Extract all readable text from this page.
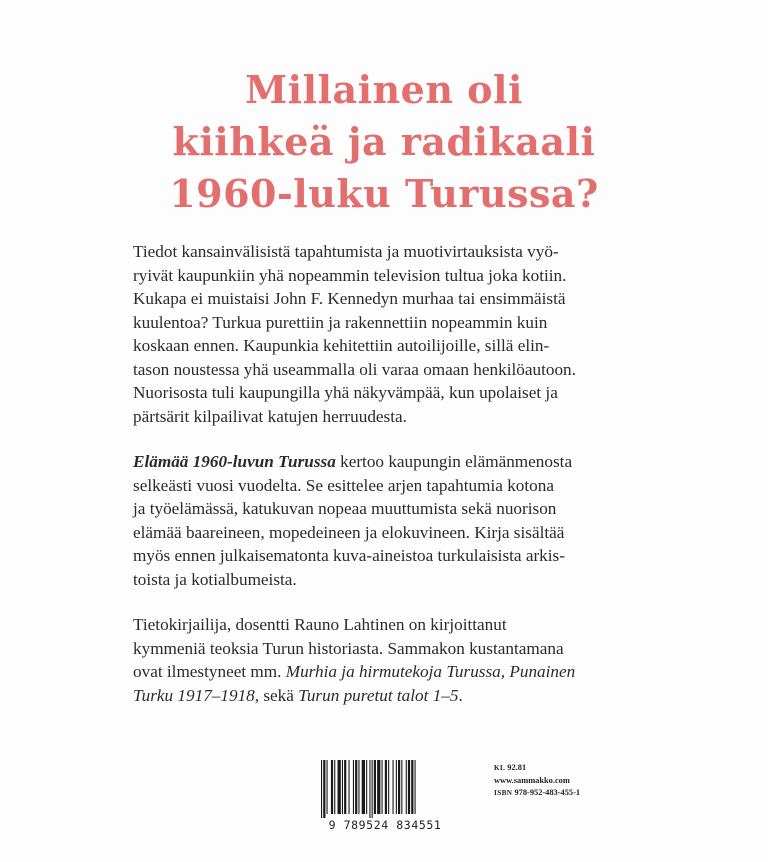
Millainen oli
kiihkeä ja radikaali
1960-luku Turussa?
Tiedot kansainvälisistä tapahtumista ja muotivirtauksista vyö-
ryivät kaupunkiin yhä nopeammin television tultua joka kotiin.
Kukapa ei muistaisi John F. Kennedyn murhaa tai ensimmäistä
kuulentoa? Turkua purettiin ja rakennettiin nopeammin kuin
koskaan ennen. Kaupunkia kehitettiin autoilijoille, sillä elin-
tason noustessa yhä useammalla oli varaa omaan henkilöautoon.
Nuorisosta tuli kaupungilla yhä näkyvämpää, kun upolaiset ja
pärtsärit kilpailivat katujen herruudesta.
Elämää 1960-luvun Turussa kertoo kaupungin elämänmenosta
selkeästi vuosi vuodelta. Se esittelee arjen tapahtumia kotona
ja työelämässä, katukuvan nopeaa muuttumista sekä nuorison
elämää baareineen, mopedeineen ja elokuvineen. Kirja sisältää
myös ennen julkaisematonta kuva-aineistoa turkulaisista arkis-
toista ja kotialbumeista.
Tietokirjailija, dosentti Rauno Lahtinen on kirjoittanut
kymmeniä teoksia Turun historiasta. Sammakon kustantamana
ovat ilmestyneet mm. Murhia ja hirmutekoja Turussa, Punainen
Turku 1917–1918, sekä Turun puretut talot 1–5.
9 789524 834551
KL 92.81
www.sammakko.com
ISBN 978-952-483-455-1
